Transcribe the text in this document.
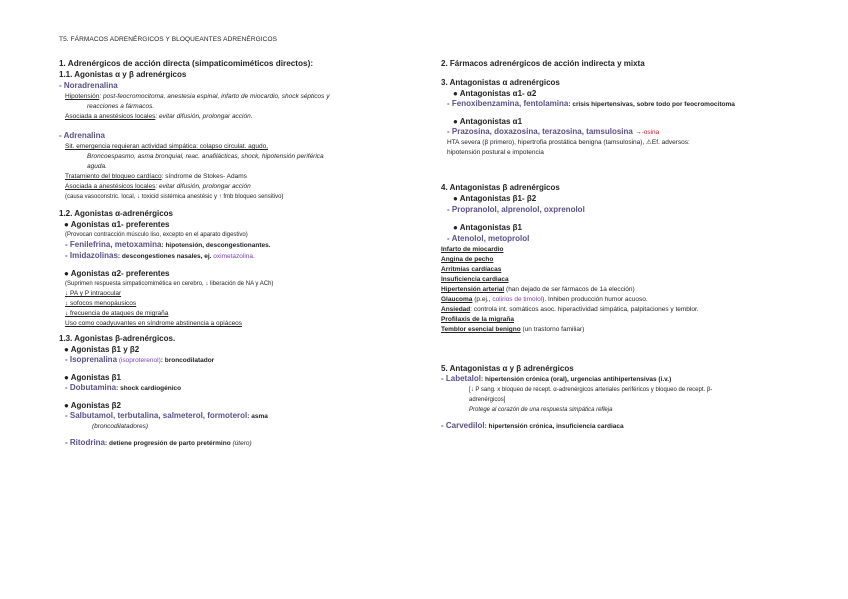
T5. FÁRMACOS ADRENÉRGICOS Y BLOQUEANTES ADRENÉRGICOS
1. Adrenérgicos de acción directa (simpaticomiméticos directos):
1.1. Agonistas α y β adrenérgicos
- Noradrenalina
Hipotensión: post-feocromocitoma, anestesia espinal, infarto de miocardio, shock sépticos y
reacciones a fármacos.
Asociada a anestésicos locales: evitar difusión, prolongar acción.
- Adrenalina
Sit. emergencia requieran actividad simpática: colapso circulat. agudo,
Broncoespasmo, asma bronquial, reac. anafilácticas, shock, hipotensión periférica
aguda.
Tratamiento del bloqueo cardíaco: síndrome de Stokes- Adams
Asociada a anestésicos locales: evitar difusión, prolongar acción
(causa vasoconstric. local, ↓ toxicid sistémica anestésic y ↑ fmb bloqueo sensitivo)
1.2. Agonistas α-adrenérgicos
● Agonistas α1- preferentes
(Provocan contracción músculo liso, excepto en el aparato digestivo)
- Fenilefrina, metoxamina: hipotensión, descongestionantes.
- Imidazolinas: descongestiones nasales, ej. oximetazolina.
● Agonistas α2- preferentes
(Suprimen respuesta simpaticomimética en cerebro, ↓ liberación de NA y ACh)
↓ PA y P intraocular
↓ sofocos menopáusicos
↓ frecuencia de ataques de migraña
Uso como coadyuvantes en síndrome abstinencia a opiáceos
1.3. Agonistas β-adrenérgicos.
● Agonistas β1 y β2
- Isoprenalina (isoproterenol): broncodilatador
● Agonistas β1
- Dobutamina: shock cardiogénico
● Agonistas β2
- Salbutamol, terbutalina, salmeterol, formoterol: asma
(broncodilatadores)
- Ritodrina: detiene progresión de parto pretérmino (útero)
2. Fármacos adrenérgicos de acción indirecta y mixta
3. Antagonistas α adrenérgicos
● Antagonistas α1- α2
- Fenoxibenzamina, fentolamina: crisis hipertensivas, sobre todo por feocromocitoma
● Antagonistas α1
- Prazosina, doxazosina, terazosina, tamsulosina →-osina
HTA severa (β primero), hipertrofia prostática benigna (tamsulosina), ⚠Ef. adversos:
hipotensión postural e impotencia
4. Antagonistas β adrenérgicos
● Antagonistas β1- β2
- Propranolol, alprenolol, oxprenolol
● Antagonistas β1
- Atenolol, metoprolol
Infarto de miocardio
Angina de pecho
Arritmias cardíacas
Insuficiencia cardiaca
Hipertensión arterial (han dejado de ser fármacos de 1a elección)
Glaucoma (p.ej., colirios de timolol). Inhiben producción humor acuoso.
Ansiedad: controla int. somáticos asoc. hiperactividad simpática, palpitaciones y temblor.
Profilaxis de la migraña
Temblor esencial benigno (un trastorno familiar)
5. Antagonistas α y β adrenérgicos
- Labetalol: hipertensión crónica (oral), urgencias antihipertensivas (i.v.)
[↓ P sang. x bloqueo de recept. α-adrenérgicos arteriales periféricos y bloqueo de recept. β-
adrenérgicos]
Protege al corazón de una respuesta simpática refleja
- Carvedilol: hipertensión crónica, insuficiencia cardiaca
